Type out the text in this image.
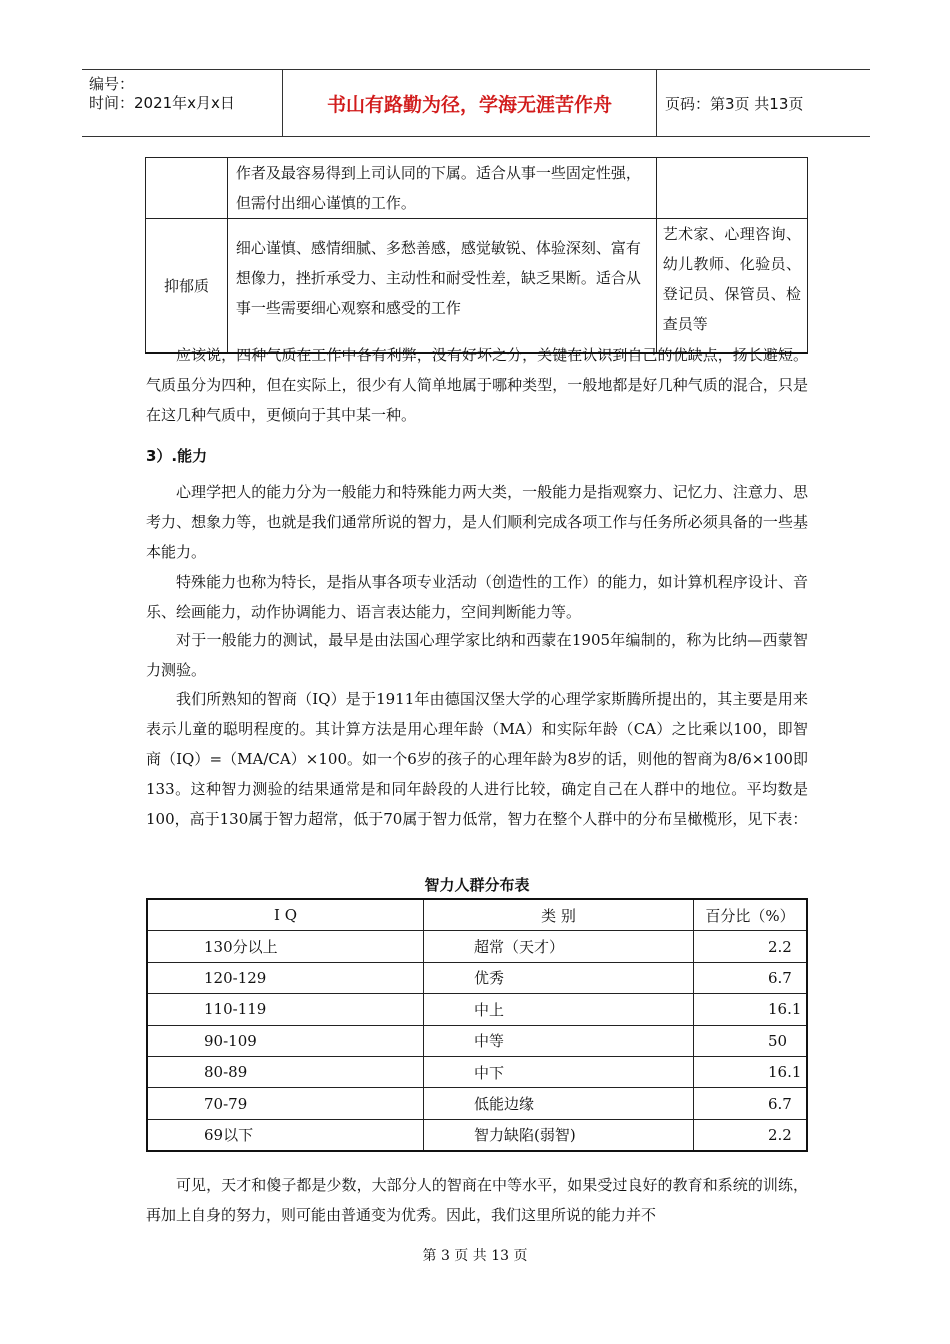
编号：
时间：2021年x月x日	书山有路勤为径，学海无涯苦作舟	页码：第3页 共13页
	作者及最容易得到上司认同的下属。适合从事一些固定性强，但需付出细心谨慎的工作。	
抑郁质	细心谨慎、感情细腻、多愁善感，感觉敏锐、体验深刻、富有想像力，挫折承受力、主动性和耐受性差，缺乏果断。适合从事一些需要细心观察和感受的工作	艺术家、心理咨询、幼儿教师、化验员、登记员、保管员、检查员等

应该说，四种气质在工作中各有利弊，没有好坏之分，关键在认识到自己的优缺点，扬长避短。气质虽分为四种，但在实际上，很少有人简单地属于哪种类型，一般地都是好几种气质的混合，只是在这几种气质中，更倾向于其中某一种。

3）.能力

心理学把人的能力分为一般能力和特殊能力两大类，一般能力是指观察力、记忆力、注意力、思考力、想象力等，也就是我们通常所说的智力，是人们顺利完成各项工作与任务所必须具备的一些基本能力。

特殊能力也称为特长，是指从事各项专业活动（创造性的工作）的能力，如计算机程序设计、音乐、绘画能力，动作协调能力、语言表达能力，空间判断能力等。

对于一般能力的测试，最早是由法国心理学家比纳和西蒙在1905年编制的，称为比纳—西蒙智力测验。

我们所熟知的智商（IQ）是于1911年由德国汉堡大学的心理学家斯腾所提出的，其主要是用来表示儿童的聪明程度的。其计算方法是用心理年龄（MA）和实际年龄（CA）之比乘以100，即智商（IQ）=（MA/CA）×100。如一个6岁的孩子的心理年龄为8岁的话，则他的智商为8/6×100即133。这种智力测验的结果通常是和同年龄段的人进行比较，确定自己在人群中的地位。平均数是100，高于130属于智力超常，低于70属于智力低常，智力在整个人群中的分布呈橄榄形，见下表：

智力人群分布表
I Q	类 别	百分比（%）
130分以上	超常（天才）	2.2
120-129	优秀	6.7
110-119	中上	16.1
90-109	中等	50
80-89	中下	16.1
70-79	低能边缘	6.7
69以下	智力缺陷(弱智)	2.2

可见，天才和傻子都是少数，大部分人的智商在中等水平，如果受过良好的教育和系统的训练，再加上自身的努力，则可能由普通变为优秀。因此，我们这里所说的能力并不

第 3 页 共 13 页
